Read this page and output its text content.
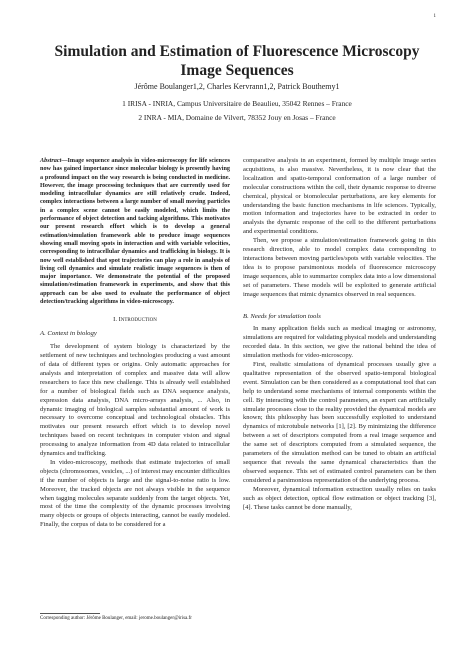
1
Simulation and Estimation of Fluorescence Microscopy Image Sequences
Jérôme Boulanger1,2, Charles Kervrann1,2, Patrick Bouthemy1
1 IRISA - INRIA, Campus Universitaire de Beaulieu, 35042 Rennes – France
2 INRA - MIA, Domaine de Vilvert, 78352 Jouy en Josas – France

Abstract—Image sequence analysis in video-microscopy for life sciences now has gained importance since molecular biology is presently having a profound impact on the way research is being conducted in medicine. However, the image processing techniques that are currently used for modeling intracellular dynamics are still relatively crude. Indeed, complex interactions between a large number of small moving particles in a complex scene cannot be easily modeled, which limits the performance of object detection and tacking algorithms. This motivates our present research effort which is to develop a general estimation/simulation framework able to produce image sequences showing small moving spots in interaction and with variable velocities, corresponding to intracellular dynamics and trafficking in biology. It is now well established that spot trajectories can play a role in analysis of living cell dynamics and simulate realistic image sequences is then of major importance. We demonstrate the potential of the proposed simulation/estimation framework in experiments, and show that this approach can be also used to evaluate the performance of object detection/tracking algorithms in video-microscopy.

I. Introduction
A. Context in biology

The development of system biology is characterized by the settlement of new techniques and technologies producing a vast amount of data of different types or origins. Only automatic approaches for analysis and interpretation of complex and massive data will allow researchers to face this new challenge. This is already well established for a number of biological fields such as DNA sequence analysis, expression data analysis, DNA micro-arrays analysis, ... Also, in dynamic imaging of biological samples substantial amount of work is necessary to overcome conceptual and technological obstacles. This motivates our present research effort which is to develop novel techniques based on recent techniques in computer vision and signal processing to analyze information from 4D data related to intracellular dynamics and trafficking.

In video-microscopy, methods that estimate trajectories of small objects (chromosomes, vesicles, ...) of interest may encounter difficulties if the number of objects is large and the signal-to-noise ratio is low. Moreover, the tracked objects are not always visible in the sequence when tagging molecules separate suddenly from the target objects. Yet, most of the time the complexity of the dynamic processes involving many objects or groups of objects interacting, cannot be easily modeled. Finally, the corpus of data to be considered for a

comparative analysis in an experiment, formed by multiple image series acquisitions, is also massive. Nevertheless, it is now clear that the localization and spatio-temporal conformation of a large number of molecular constructions within the cell, their dynamic response to diverse chemical, physical or biomolecular perturbations, are key elements for understanding the basic function mechanisms in life sciences. Typically, motion information and trajectories have to be extracted in order to analysis the dynamic response of the cell to the different perturbations and experimental conditions.

Then, we propose a simulation/estimation framework going in this research direction, able to model complex data corresponding to interactions between moving particles/spots with variable velocities. The idea is to propose parsimonious models of fluorescence microscopy image sequences, able to summarize complex data into a low dimensional set of parameters. These models will be exploited to generate artificial image sequences that mimic dynamics observed in real sequences.

B. Needs for simulation tools

In many application fields such as medical imaging or astronomy, simulations are required for validating physical models and understanding recorded data. In this section, we give the rational behind the idea of simulation methods for video-microscopy.

First, realistic simulations of dynamical processes usually give a qualitative representation of the observed spatio-temporal biological event. Simulation can be then considered as a computational tool that can help to understand some mechanisms of internal components within the cell. By interacting with the control parameters, an expert can artificially simulate processes close to the reality provided the dynamical models are known; this philosophy has been successfully exploited to understand dynamics of microtubule networks [1], [2]. By minimizing the difference between a set of descriptors computed from a real image sequence and the same set of descriptors computed from a simulated sequence, the parameters of the simulation method can be tuned to obtain an artificial sequence that reveals the same dynamical characteristics than the observed sequence. This set of estimated control parameters can be then considered a parsimonious representation of the underlying process.

Moreover, dynamical information extraction usually relies on tasks such as object detection, optical flow estimation or object tracking [3], [4]. These tasks cannot be done manually,

Corresponding author: Jérôme Boulanger, email: jerome.boulanger@irisa.fr
